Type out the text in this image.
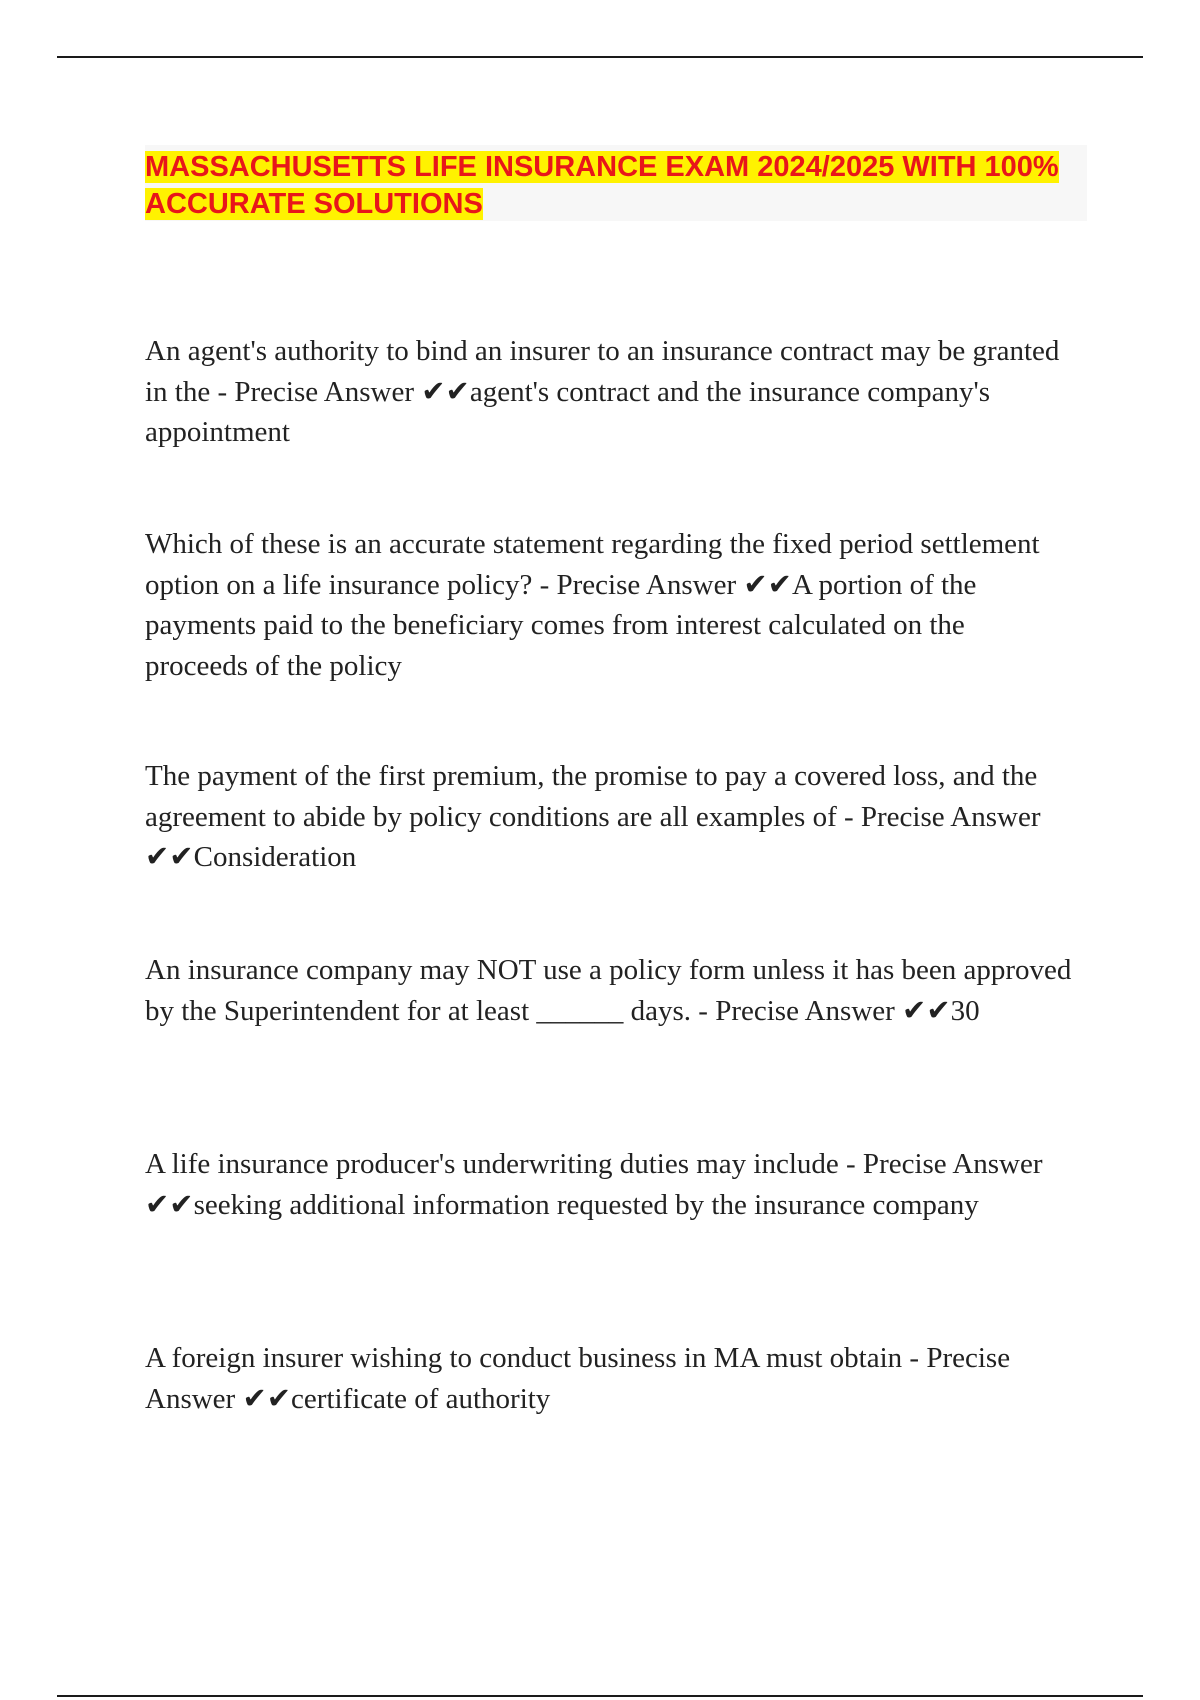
MASSACHUSETTS LIFE INSURANCE EXAM 2024/2025 WITH 100% ACCURATE SOLUTIONS

An agent's authority to bind an insurer to an insurance contract may be granted in the - Precise Answer ✔✔agent's contract and the insurance company's appointment

Which of these is an accurate statement regarding the fixed period settlement option on a life insurance policy? - Precise Answer ✔✔A portion of the payments paid to the beneficiary comes from interest calculated on the proceeds of the policy

The payment of the first premium, the promise to pay a covered loss, and the agreement to abide by policy conditions are all examples of - Precise Answer ✔✔Consideration

An insurance company may NOT use a policy form unless it has been approved by the Superintendent for at least ______ days. - Precise Answer ✔✔30

A life insurance producer's underwriting duties may include - Precise Answer ✔✔seeking additional information requested by the insurance company

A foreign insurer wishing to conduct business in MA must obtain - Precise Answer ✔✔certificate of authority
